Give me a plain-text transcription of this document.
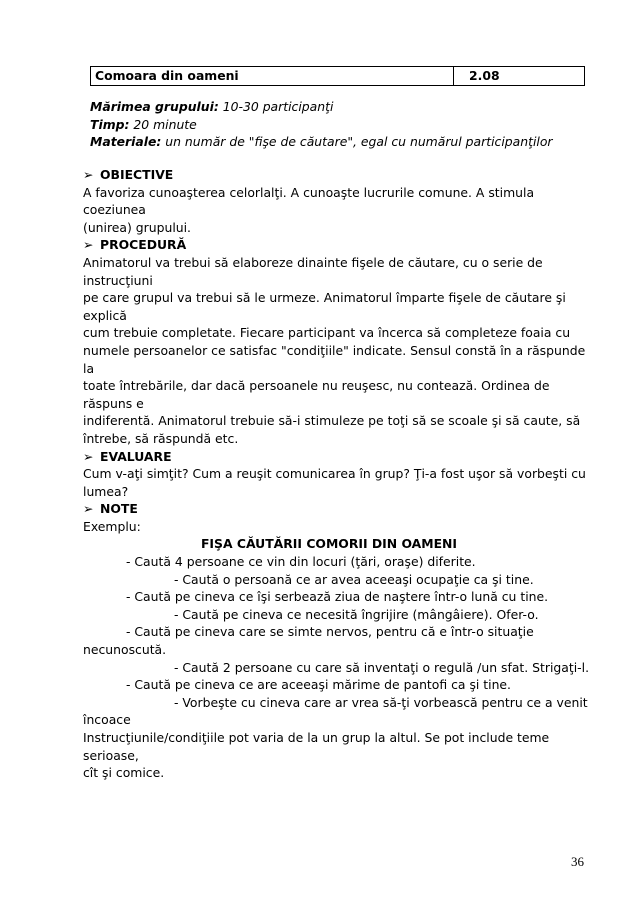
Comoara din oameni	2.08
Mărimea grupului: 10-30 participanţi
Timp: 20 minute
Materiale: un număr de "fişe de căutare", egal cu numărul participanţilor

➢ OBIECTIVE

A favoriza cunoaşterea celorlalţi. A cunoaşte lucrurile comune. A stimula coeziunea

(unirea) grupului.

➢ PROCEDURĂ

Animatorul va trebui să elaboreze dinainte fişele de căutare, cu o serie de instrucţiuni

pe care grupul va trebui să le urmeze. Animatorul împarte fişele de căutare şi explică

cum trebuie completate. Fiecare participant va încerca să completeze foaia cu

numele persoanelor ce satisfac "condiţiile" indicate. Sensul constă în a răspunde la

toate întrebările, dar dacă persoanele nu reuşesc, nu contează. Ordinea de răspuns e

indiferentă. Animatorul trebuie să-i stimuleze pe toţi să se scoale şi să caute, să

întrebe, să răspundă etc.

➢ EVALUARE

Cum v-aţi simţit? Cum a reuşit comunicarea în grup? Ţi-a fost uşor să vorbeşti cu

lumea?

➢ NOTE

Exemplu:

FIŞA CĂUTĂRII COMORII DIN OAMENI

- Caută 4 persoane ce vin din locuri (ţări, oraşe) diferite.

- Caută o persoană ce ar avea aceeaşi ocupaţie ca şi tine.

- Caută pe cineva ce îşi serbează ziua de naştere într-o lună cu tine.

- Caută pe cineva ce necesită îngrijire (mângâiere). Ofer-o.

- Caută pe cineva care se simte nervos, pentru că e într-o situaţie

necunoscută.

- Caută 2 persoane cu care să inventaţi o regulă /un sfat. Strigaţi-l.

- Caută pe cineva ce are aceeaşi mărime de pantofi ca şi tine.

- Vorbeşte cu cineva care ar vrea să-ţi vorbească pentru ce a venit

încoace

Instrucţiunile/condiţiile pot varia de la un grup la altul. Se pot include teme serioase,

cît şi comice.

36
